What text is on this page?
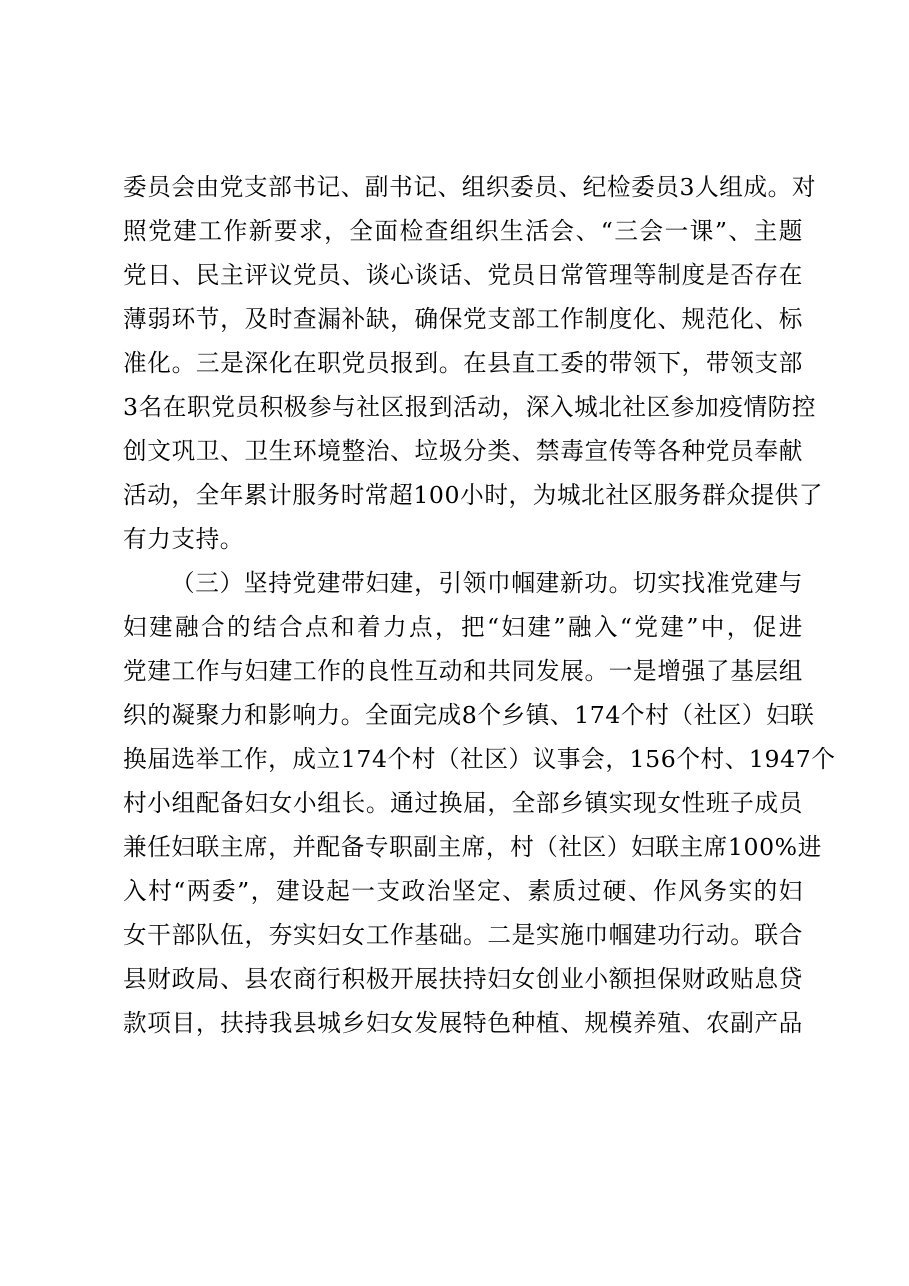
委员会由党支部书记、副书记、组织委员、纪检委员3人组成。对
照党建工作新要求，全面检查组织生活会、“三会一课”、主题
党日、民主评议党员、谈心谈话、党员日常管理等制度是否存在
薄弱环节，及时查漏补缺，确保党支部工作制度化、规范化、标
准化。三是深化在职党员报到。在县直工委的带领下，带领支部
3名在职党员积极参与社区报到活动，深入城北社区参加疫情防控
创文巩卫、卫生环境整治、垃圾分类、禁毒宣传等各种党员奉献
活动，全年累计服务时常超100小时，为城北社区服务群众提供了
有力支持。
（三）坚持党建带妇建，引领巾帼建新功。切实找准党建与
妇建融合的结合点和着力点，把“妇建”融入“党建”中，促进
党建工作与妇建工作的良性互动和共同发展。一是增强了基层组
织的凝聚力和影响力。全面完成8个乡镇、174个村（社区）妇联
换届选举工作，成立174个村（社区）议事会，156个村、1947个
村小组配备妇女小组长。通过换届，全部乡镇实现女性班子成员
兼任妇联主席，并配备专职副主席，村（社区）妇联主席100%进
入村“两委”，建设起一支政治坚定、素质过硬、作风务实的妇
女干部队伍，夯实妇女工作基础。二是实施巾帼建功行动。联合
县财政局、县农商行积极开展扶持妇女创业小额担保财政贴息贷
款项目，扶持我县城乡妇女发展特色种植、规模养殖、农副产品
